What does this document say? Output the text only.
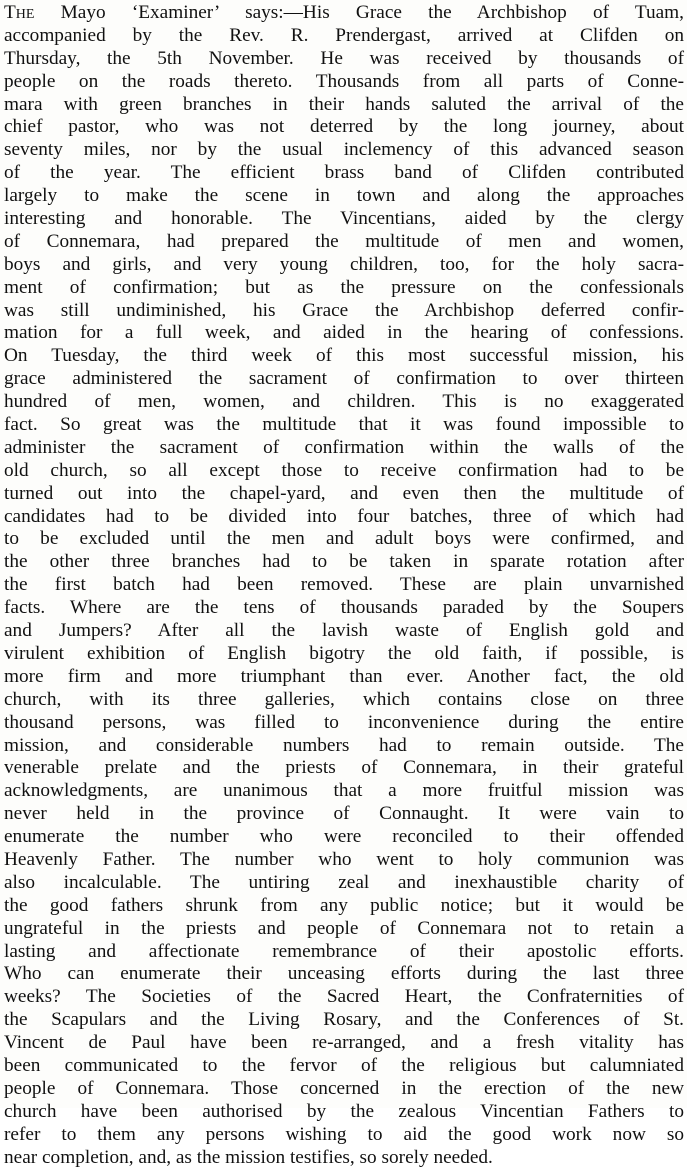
The Mayo ‘Examiner’ says:—His Grace the Archbishop of Tuam,
accompanied by the Rev. R. Prendergast, arrived at Clifden on
Thursday, the 5th November. He was received by thousands of
people on the roads thereto. Thousands from all parts of Conne-
mara with green branches in their hands saluted the arrival of the
chief pastor, who was not deterred by the long journey, about
seventy miles, nor by the usual inclemency of this advanced season
of the year. The efficient brass band of Clifden contributed
largely to make the scene in town and along the approaches
interesting and honorable. The Vincentians, aided by the clergy
of Connemara, had prepared the multitude of men and women,
boys and girls, and very young children, too, for the holy sacra-
ment of confirmation; but as the pressure on the confessionals
was still undiminished, his Grace the Archbishop deferred confir-
mation for a full week, and aided in the hearing of confessions.
On Tuesday, the third week of this most successful mission, his
grace administered the sacrament of confirmation to over thirteen
hundred of men, women, and children. This is no exaggerated
fact. So great was the multitude that it was found impossible to
administer the sacrament of confirmation within the walls of the
old church, so all except those to receive confirmation had to be
turned out into the chapel-yard, and even then the multitude of
candidates had to be divided into four batches, three of which had
to be excluded until the men and adult boys were confirmed, and
the other three branches had to be taken in sparate rotation after
the first batch had been removed. These are plain unvarnished
facts. Where are the tens of thousands paraded by the Soupers
and Jumpers? After all the lavish waste of English gold and
virulent exhibition of English bigotry the old faith, if possible, is
more firm and more triumphant than ever. Another fact, the old
church, with its three galleries, which contains close on three
thousand persons, was filled to inconvenience during the entire
mission, and considerable numbers had to remain outside. The
venerable prelate and the priests of Connemara, in their grateful
acknowledgments, are unanimous that a more fruitful mission was
never held in the province of Connaught. It were vain to
enumerate the number who were reconciled to their offended
Heavenly Father. The number who went to holy communion was
also incalculable. The untiring zeal and inexhaustible charity of
the good fathers shrunk from any public notice; but it would be
ungrateful in the priests and people of Connemara not to retain a
lasting and affectionate remembrance of their apostolic efforts.
Who can enumerate their unceasing efforts during the last three
weeks? The Societies of the Sacred Heart, the Confraternities of
the Scapulars and the Living Rosary, and the Conferences of St.
Vincent de Paul have been re-arranged, and a fresh vitality has
been communicated to the fervor of the religious but calumniated
people of Connemara. Those concerned in the erection of the new
church have been authorised by the zealous Vincentian Fathers to
refer to them any persons wishing to aid the good work now so
near completion, and, as the mission testifies, so sorely needed.
